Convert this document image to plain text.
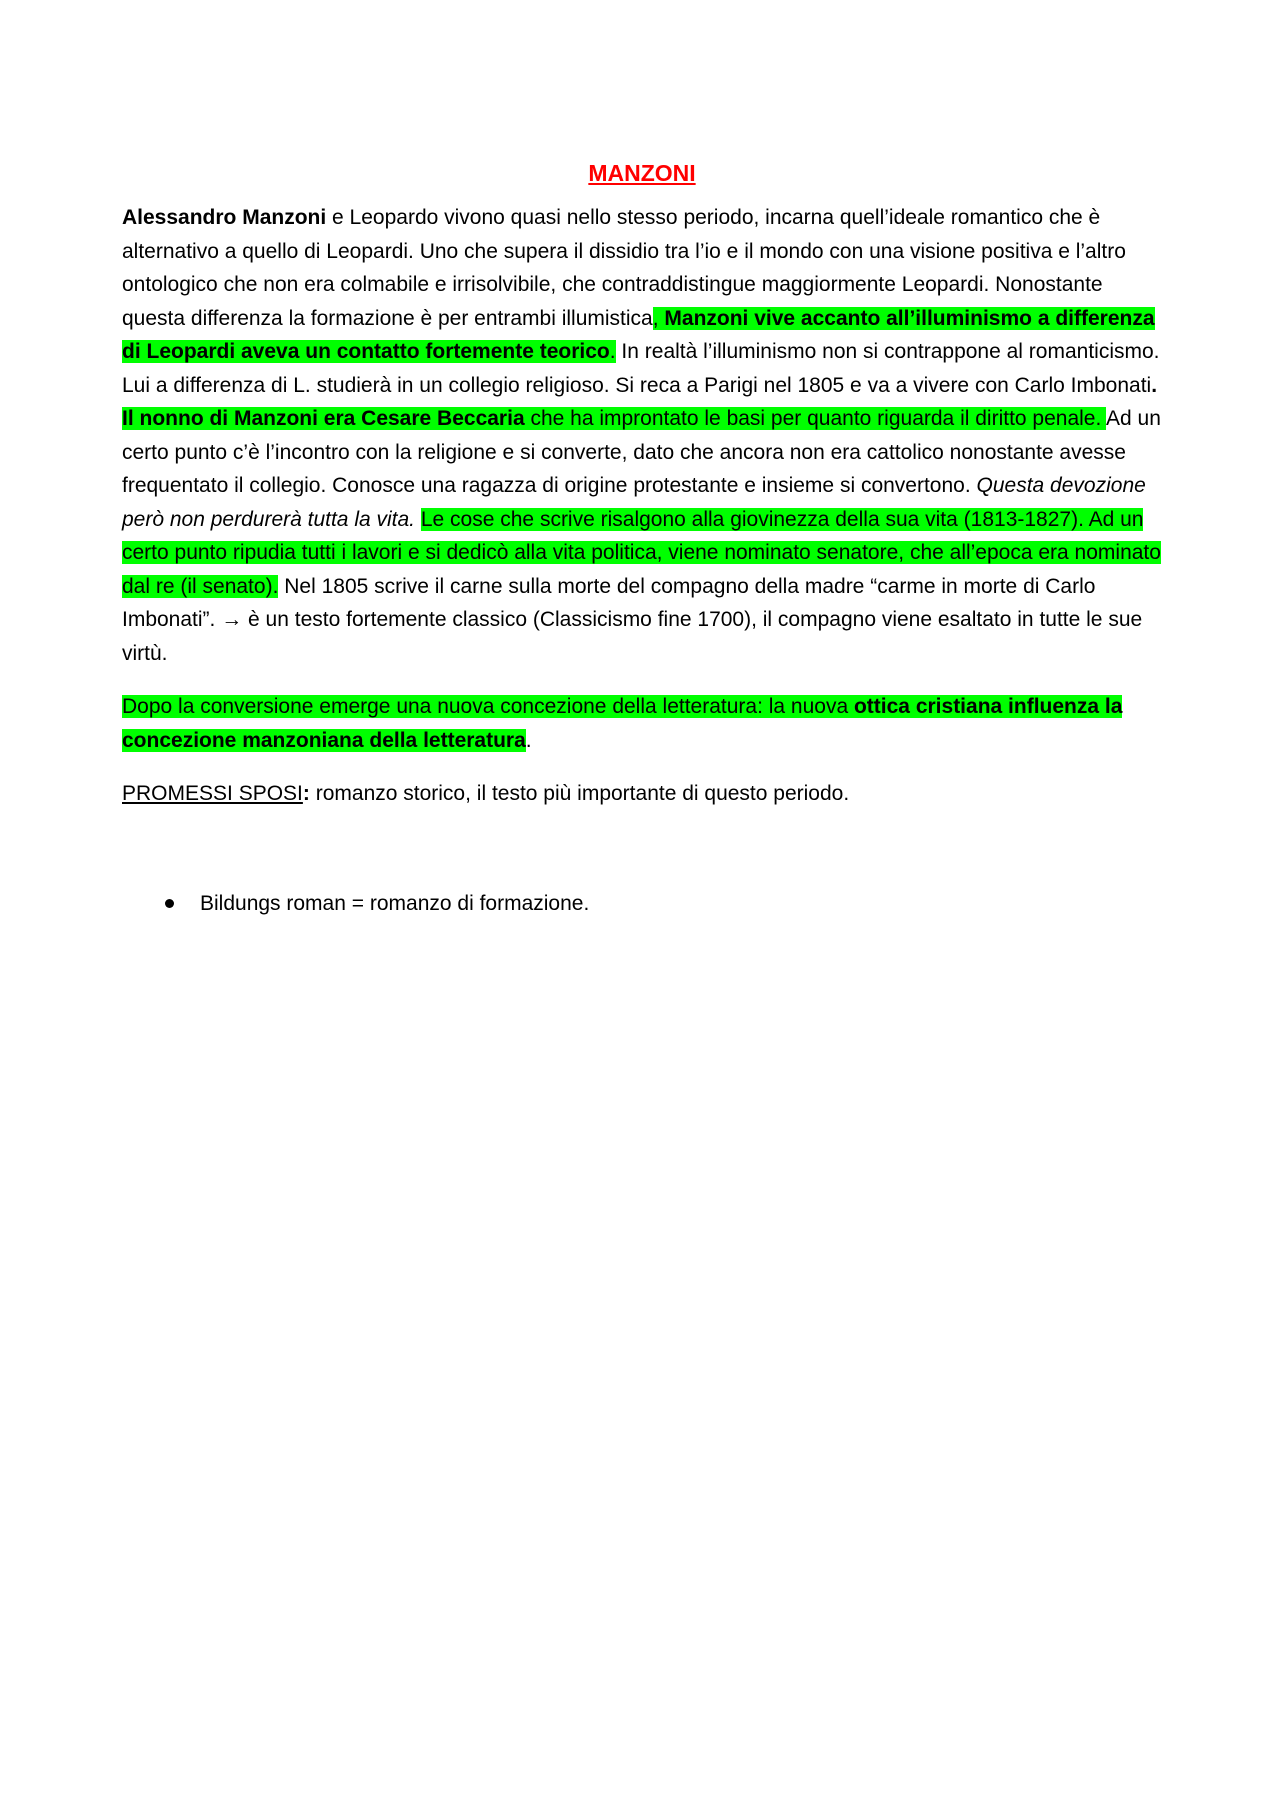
MANZONI

Alessandro Manzoni e Leopardo vivono quasi nello stesso periodo, incarna quell’ideale romantico che è alternativo a quello di Leopardi. Uno che supera il dissidio tra l’io e il mondo con una visione positiva e l’altro ontologico che non era colmabile e irrisolvibile, che contraddistingue maggiormente Leopardi. Nonostante questa differenza la formazione è per entrambi illumistica, Manzoni vive accanto all’illuminismo a differenza di Leopardi aveva un contatto fortemente teorico. In realtà l’illuminismo non si contrappone al romanticismo. Lui a differenza di L. studierà in un collegio religioso. Si reca a Parigi nel 1805 e va a vivere con Carlo Imbonati. Il nonno di Manzoni era Cesare Beccaria che ha improntato le basi per quanto riguarda il diritto penale. Ad un certo punto c’è l’incontro con la religione e si converte, dato che ancora non era cattolico nonostante avesse frequentato il collegio. Conosce una ragazza di origine protestante e insieme si convertono. Questa devozione però non perdurerà tutta la vita. Le cose che scrive risalgono alla giovinezza della sua vita (1813-1827). Ad un certo punto ripudia tutti i lavori e si dedicò alla vita politica, viene nominato senatore, che all’epoca era nominato dal re (il senato). Nel 1805 scrive il carne sulla morte del compagno della madre “carme in morte di Carlo Imbonati”. → è un testo fortemente classico (Classicismo fine 1700), il compagno viene esaltato in tutte le sue virtù.

Dopo la conversione emerge una nuova concezione della letteratura: la nuova ottica cristiana influenza la concezione manzoniana della letteratura.

PROMESSI SPOSI: romanzo storico, il testo più importante di questo periodo.

Bildungs roman = romanzo di formazione.
